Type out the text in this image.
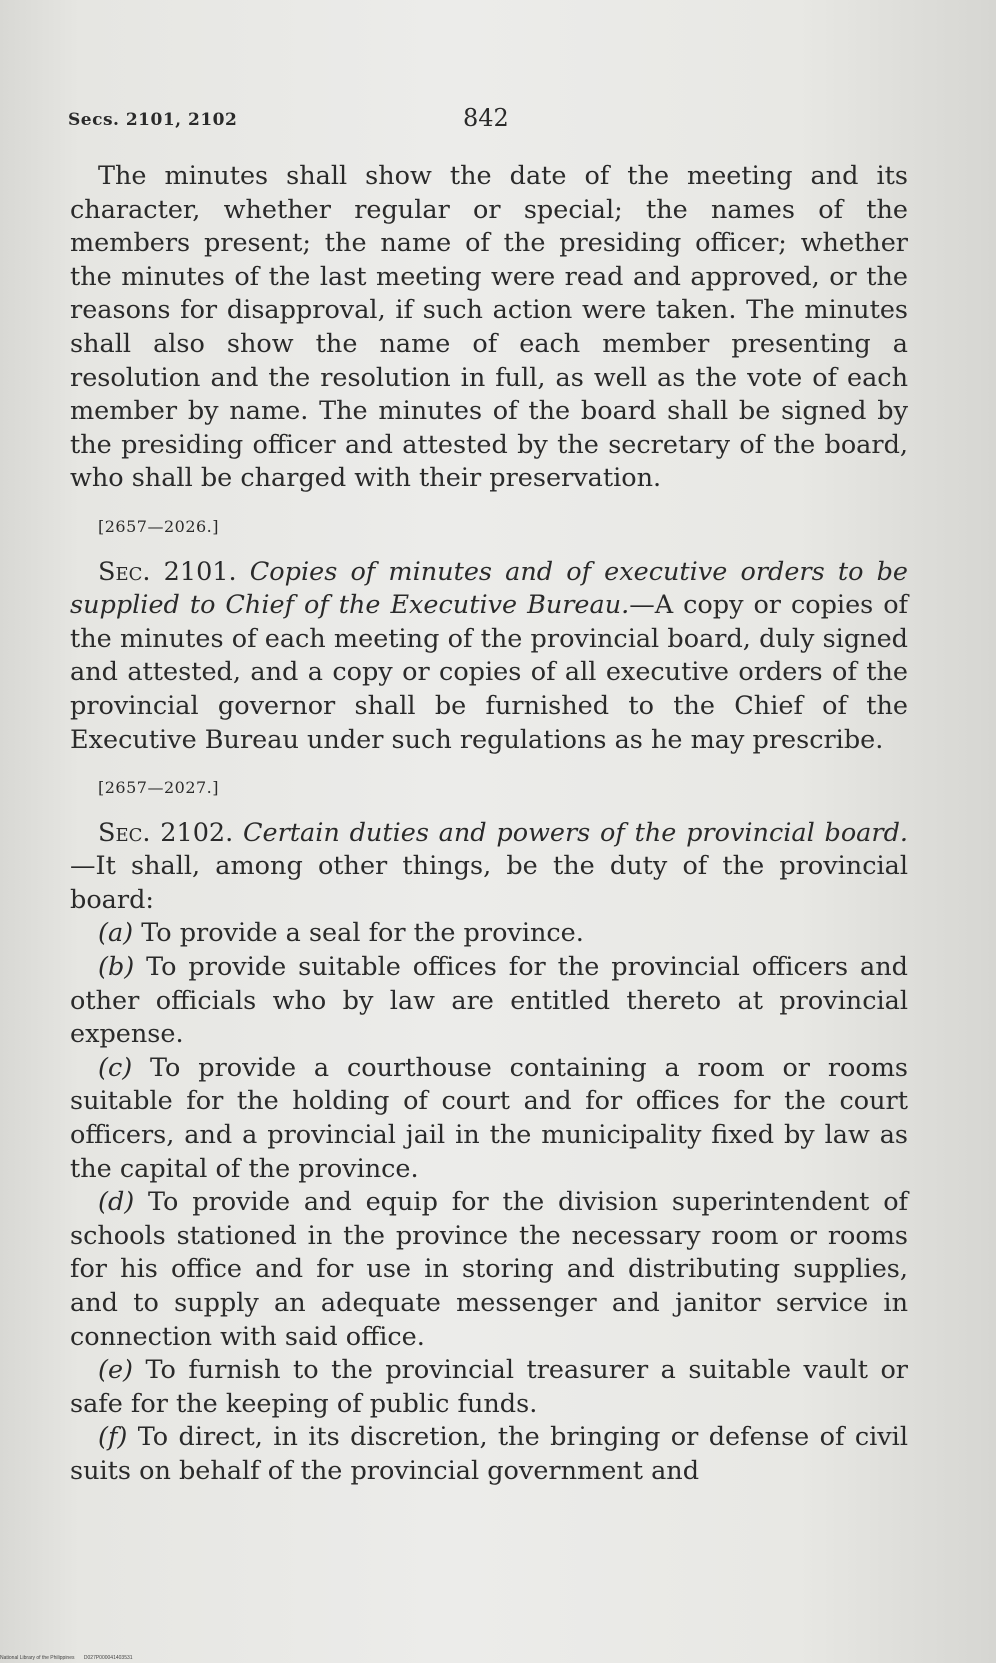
Secs. 2101, 2102	842

The minutes shall show the date of the meeting and its character, whether regular or special; the names of the members present; the name of the presiding officer; whether the minutes of the last meeting were read and approved, or the reasons for disapproval, if such action were taken. The minutes shall also show the name of each member presenting a resolution and the resolution in full, as well as the vote of each member by name. The minutes of the board shall be signed by the presiding officer and attested by the secretary of the board, who shall be charged with their preservation.

[2657—2026.]

Sec. 2101. Copies of minutes and of executive orders to be supplied to Chief of the Executive Bureau.—A copy or copies of the minutes of each meeting of the provincial board, duly signed and attested, and a copy or copies of all executive orders of the provincial governor shall be furnished to the Chief of the Executive Bureau under such regulations as he may prescribe.

[2657—2027.]

Sec. 2102. Certain duties and powers of the provincial board.—It shall, among other things, be the duty of the provincial board:

(a) To provide a seal for the province.

(b) To provide suitable offices for the provincial officers and other officials who by law are entitled thereto at provincial expense.

(c) To provide a courthouse containing a room or rooms suitable for the holding of court and for offices for the court officers, and a provincial jail in the municipality fixed by law as the capital of the province.

(d) To provide and equip for the division superintendent of schools stationed in the province the necessary room or rooms for his office and for use in storing and distributing supplies, and to supply an adequate messenger and janitor service in connection with said office.

(e) To furnish to the provincial treasurer a suitable vault or safe for the keeping of public funds.

(f) To direct, in its discretion, the bringing or defense of civil suits on behalf of the provincial government and

National Library of the Philippines D027P000041403531
